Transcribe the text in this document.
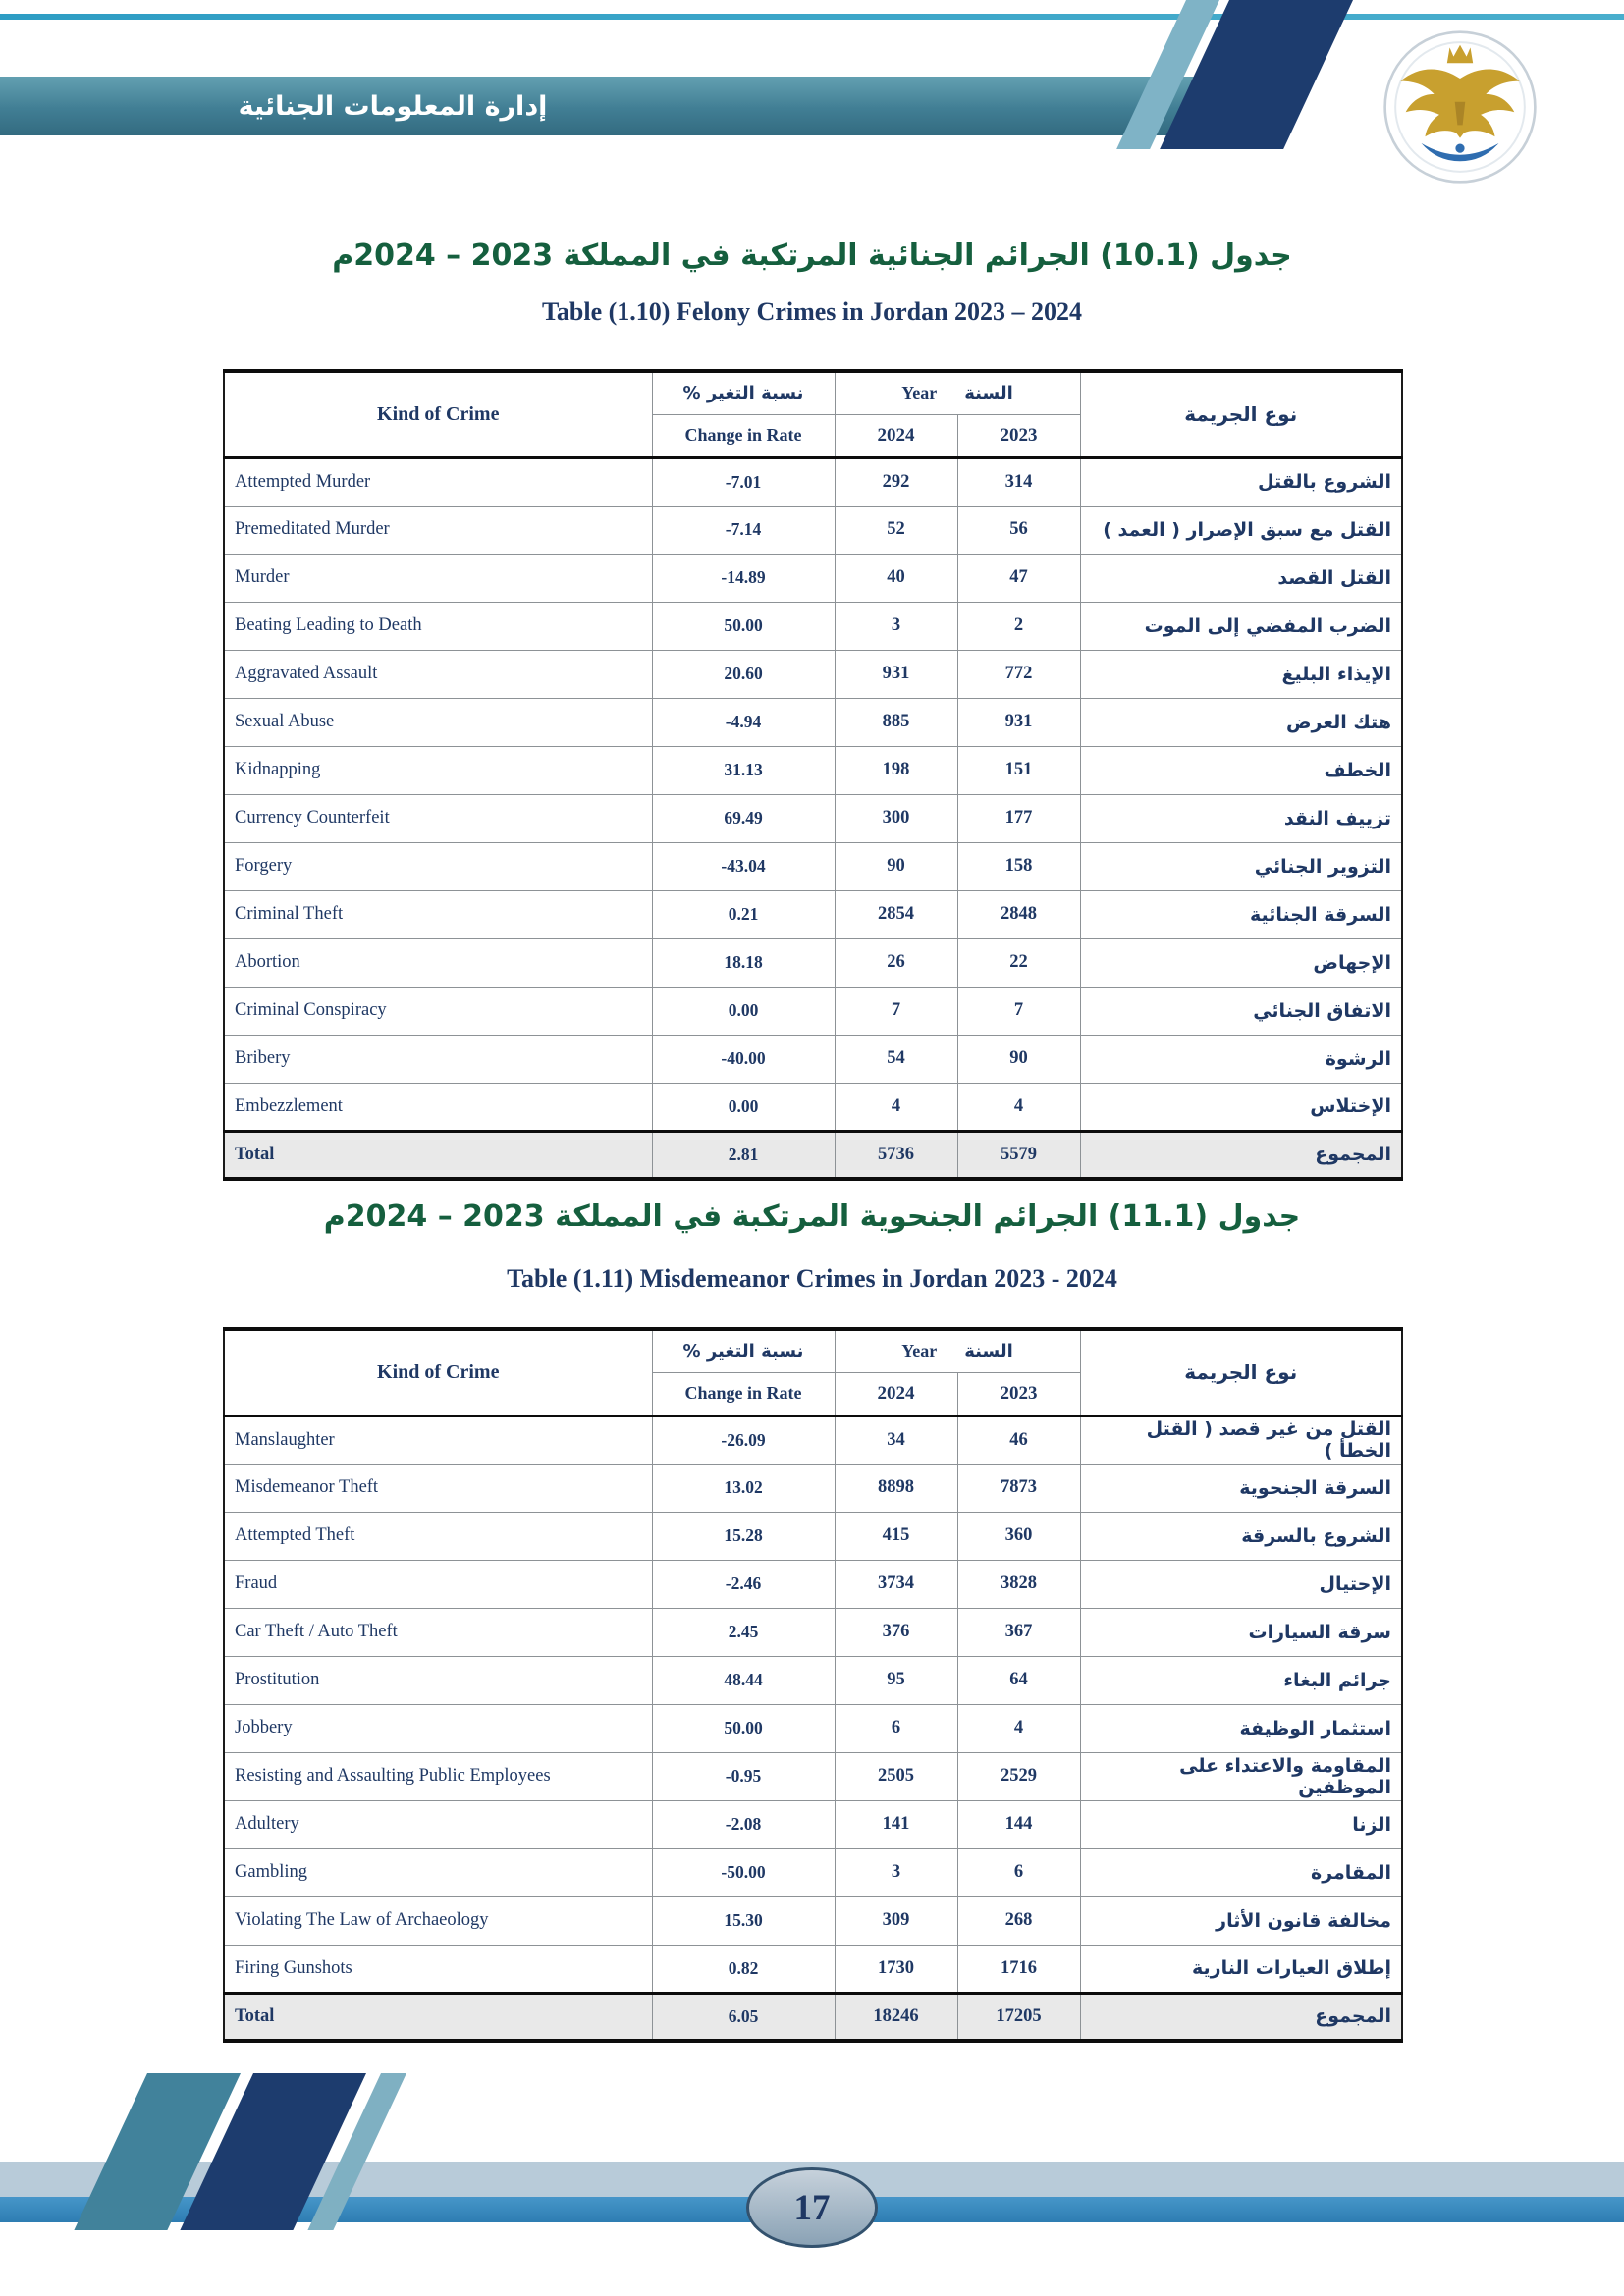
إدارة المعلومات الجنائية
جدول (10.1) الجرائم الجنائية المرتكبة في المملكة 2023 – 2024م
Table (1.10) Felony Crimes in Jordan 2023 – 2024
Kind of Crime	نسبة التغير %	Year السنة		نوع الجريمة
	Change in Rate	2024	2023	
Attempted Murder	-7.01	292	314	الشروع بالقتل
Premeditated Murder	-7.14	52	56	القتل مع سبق الإصرار ( العمد )
Murder	-14.89	40	47	القتل القصد
Beating Leading to Death	50.00	3	2	الضرب المفضي إلى الموت
Aggravated Assault	20.60	931	772	الإيذاء البليغ
Sexual Abuse	-4.94	885	931	هتك العرض
Kidnapping	31.13	198	151	الخطف
Currency Counterfeit	69.49	300	177	تزييف النقد
Forgery	-43.04	90	158	التزوير الجنائي
Criminal Theft	0.21	2854	2848	السرقة الجنائية
Abortion	18.18	26	22	الإجهاض
Criminal Conspiracy	0.00	7	7	الاتفاق الجنائي
Bribery	-40.00	54	90	الرشوة
Embezzlement	0.00	4	4	الإختلاس
Total	2.81	5736	5579	المجموع
جدول (11.1) الجرائم الجنحوية المرتكبة في المملكة 2023 – 2024م
Table (1.11) Misdemeanor Crimes in Jordan 2023 - 2024
Kind of Crime	نسبة التغير %	Year السنة		نوع الجريمة
	Change in Rate	2024	2023	
Manslaughter	-26.09	34	46	القتل من غير قصد ( القتل الخطأ )
Misdemeanor Theft	13.02	8898	7873	السرقة الجنحوية
Attempted Theft	15.28	415	360	الشروع بالسرقة
Fraud	-2.46	3734	3828	الإحتيال
Car Theft / Auto Theft	2.45	376	367	سرقة السيارات
Prostitution	48.44	95	64	جرائم البغاء
Jobbery	50.00	6	4	استثمار الوظيفة
Resisting and Assaulting Public Employees	-0.95	2505	2529	المقاومة والاعتداء على الموظفين
Adultery	-2.08	141	144	الزنا
Gambling	-50.00	3	6	المقامرة
Violating The Law of Archaeology	15.30	309	268	مخالفة قانون الأثار
Firing Gunshots	0.82	1730	1716	إطلاق العيارات النارية
Total	6.05	18246	17205	المجموع
17
